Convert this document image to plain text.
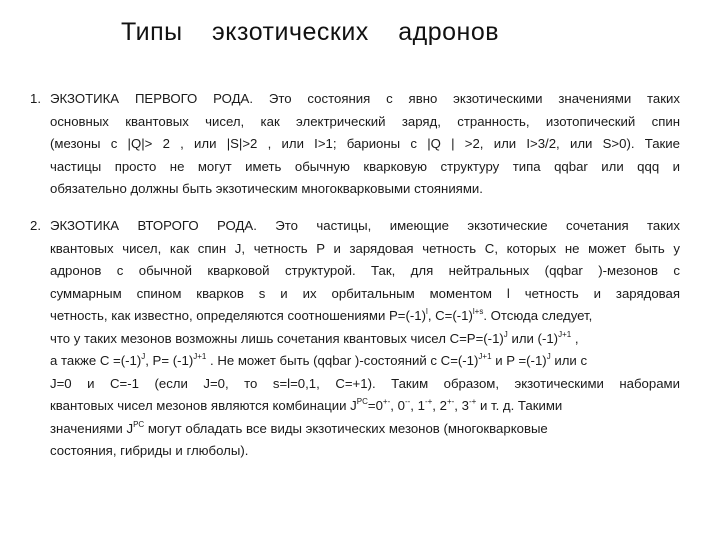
Типы экзотических адронов
1. ЭКЗОТИКА ПЕРВОГО РОДА. Это состояния с явно экзотическими значениями таких
основных квантовых чисел, как электрический заряд, странность, изотопический спин
(мезоны с |Q|> 2 , или |S|>2 , или I>1; барионы с |Q | >2, или I>3/2, или S>0). Такие
частицы просто не могут иметь обычную кварковую структуру типа qqbar или qqq и
обязательно должны быть экзотическим многокварковыми стояниями.
2. ЭКЗОТИКА ВТОРОГО РОДА. Это частицы, имеющие экзотические сочетания таких
квантовых чисел, как спин J, четность P и зарядовая четность C, которых не может быть у
адронов с обычной кварковой структурой. Так, для нейтральных (qqbar )-мезонов с
суммарным спином кварков s и их орбитальным моментом l четность и зарядовая
четность, как известно, определяются соотношениями $P=(-1)^l$, $C=(-1)^{l+s}$. Отсюда следует,
что у таких мезонов возможны лишь сочетания квантовых чисел $C=P=(-1)^J$ или $(-1)^{J+1}$ ,
а также $C =(-1)^J$, $P= (-1)^{J+1}$ . Не может быть (qqbar )-состояний с $C=(-1)^{J+1}$ и $P =(-1)^J$ или с
J=0 и C=-1 (если J=0, то s=l=0,1, C=+1). Таким образом, экзотическими наборами
квантовых чисел мезонов являются комбинации $J^{PC}=0^{+-}$, 0--, 1-+, 2+-, 3-+ и т. д. Такими
значениями $J^{PC}$ могут обладать все виды экзотических мезонов (многокварковые
состояния, гибриды и глюболы).
